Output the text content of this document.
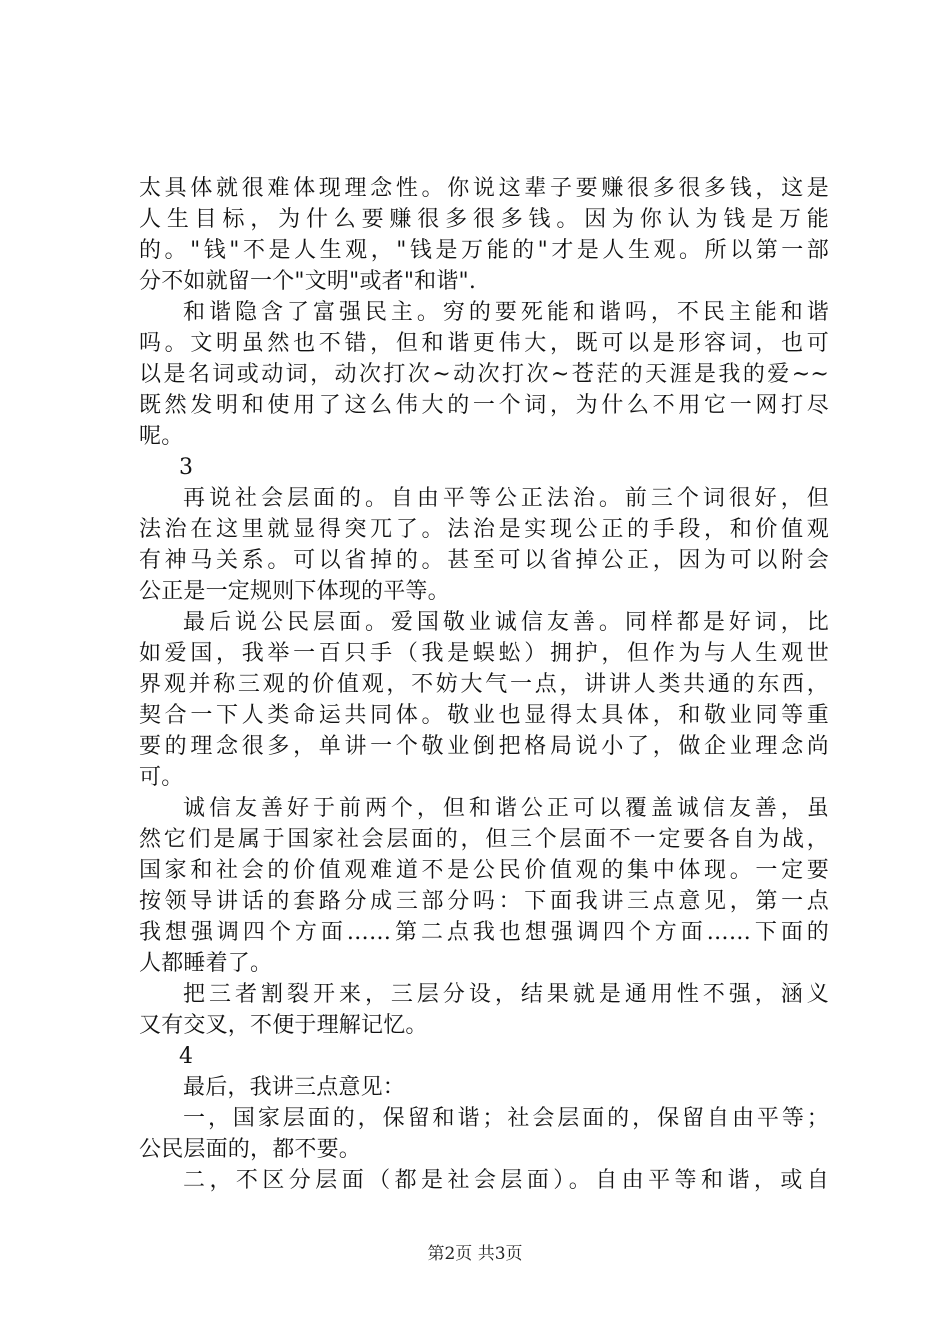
太具体就很难体现理念性。你说这辈子要赚很多很多钱，这是
人生目标，为什么要赚很多很多钱。因为你认为钱是万能
的。"钱"不是人生观，"钱是万能的"才是人生观。所以第一部
分不如就留一个"文明"或者"和谐".
和谐隐含了富强民主。穷的要死能和谐吗，不民主能和谐
吗。文明虽然也不错，但和谐更伟大，既可以是形容词，也可
以是名词或动词，动次打次~动次打次~苍茫的天涯是我的爱~~
既然发明和使用了这么伟大的一个词，为什么不用它一网打尽
呢。
3
再说社会层面的。自由平等公正法治。前三个词很好，但
法治在这里就显得突兀了。法治是实现公正的手段，和价值观
有神马关系。可以省掉的。甚至可以省掉公正，因为可以附会
公正是一定规则下体现的平等。
最后说公民层面。爱国敬业诚信友善。同样都是好词，比
如爱国，我举一百只手（我是蜈蚣）拥护，但作为与人生观世
界观并称三观的价值观，不妨大气一点，讲讲人类共通的东西，
契合一下人类命运共同体。敬业也显得太具体，和敬业同等重
要的理念很多，单讲一个敬业倒把格局说小了，做企业理念尚
可。
诚信友善好于前两个，但和谐公正可以覆盖诚信友善，虽
然它们是属于国家社会层面的，但三个层面不一定要各自为战，
国家和社会的价值观难道不是公民价值观的集中体现。一定要
按领导讲话的套路分成三部分吗：下面我讲三点意见，第一点
我想强调四个方面……第二点我也想强调四个方面……下面的
人都睡着了。
把三者割裂开来，三层分设，结果就是通用性不强，涵义
又有交叉，不便于理解记忆。
4
最后，我讲三点意见：
一，国家层面的，保留和谐；社会层面的，保留自由平等；
公民层面的，都不要。
二，不区分层面（都是社会层面）。自由平等和谐，或自
第2页 共3页
